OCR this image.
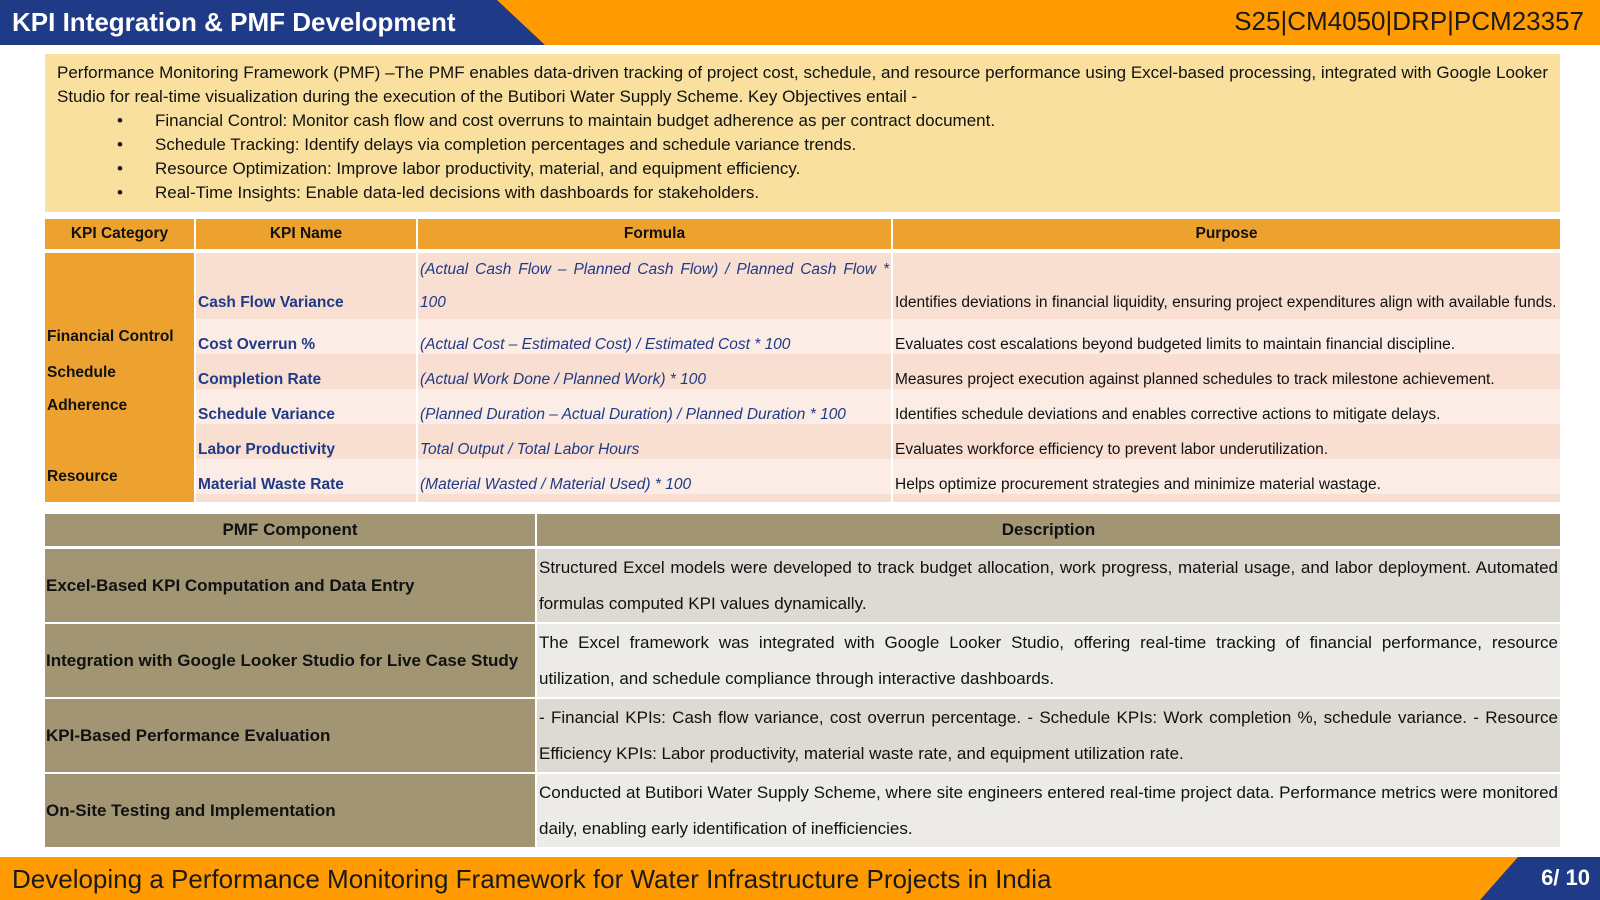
KPI Integration & PMF Development	S25|CM4050|DRP|PCM23357

Performance Monitoring Framework (PMF) –The PMF enables data-driven tracking of project cost, schedule, and resource performance using Excel-based processing, integrated with Google Looker Studio for real-time visualization during the execution of the Butibori Water Supply Scheme. Key Objectives entail -

• Financial Control: Monitor cash flow and cost overruns to maintain budget adherence as per contract document.
• Schedule Tracking: Identify delays via completion percentages and schedule variance trends.
• Resource Optimization: Improve labor productivity, material, and equipment efficiency.
• Real-Time Insights: Enable data-led decisions with dashboards for stakeholders.
KPI Category	KPI Name	Formula	Purpose
Financial Control	Cash Flow Variance	(Actual Cash Flow – Planned Cash Flow) / Planned Cash Flow * 100	Identifies deviations in financial liquidity, ensuring project expenditures align with available funds.
	Cost Overrun %	(Actual Cost – Estimated Cost) / Estimated Cost * 100	Evaluates cost escalations beyond budgeted limits to maintain financial discipline.
Schedule
Adherence	Completion Rate	(Actual Work Done / Planned Work) * 100	Measures project execution against planned schedules to track milestone achievement.
	Schedule Variance	(Planned Duration – Actual Duration) / Planned Duration * 100	Identifies schedule deviations and enables corrective actions to mitigate delays.
Resource	Labor Productivity	Total Output / Total Labor Hours	Evaluates workforce efficiency to prevent labor underutilization.
	Material Waste Rate	(Material Wasted / Material Used) * 100	Helps optimize procurement strategies and minimize material wastage.

PMF Component	Description
Excel-Based KPI Computation and Data Entry	Structured Excel models were developed to track budget allocation, work progress, material usage, and labor deployment. Automated formulas computed KPI values dynamically.
Integration with Google Looker Studio for Live Case Study	The Excel framework was integrated with Google Looker Studio, offering real-time tracking of financial performance, resource utilization, and schedule compliance through interactive dashboards.
KPI-Based Performance Evaluation	- Financial KPIs: Cash flow variance, cost overrun percentage. - Schedule KPIs: Work completion %, schedule variance. - Resource Efficiency KPIs: Labor productivity, material waste rate, and equipment utilization rate.
On-Site Testing and Implementation	Conducted at Butibori Water Supply Scheme, where site engineers entered real-time project data. Performance metrics were monitored daily, enabling early identification of inefficiencies.
Developing a Performance Monitoring Framework for Water Infrastructure Projects in India	6/ 10
